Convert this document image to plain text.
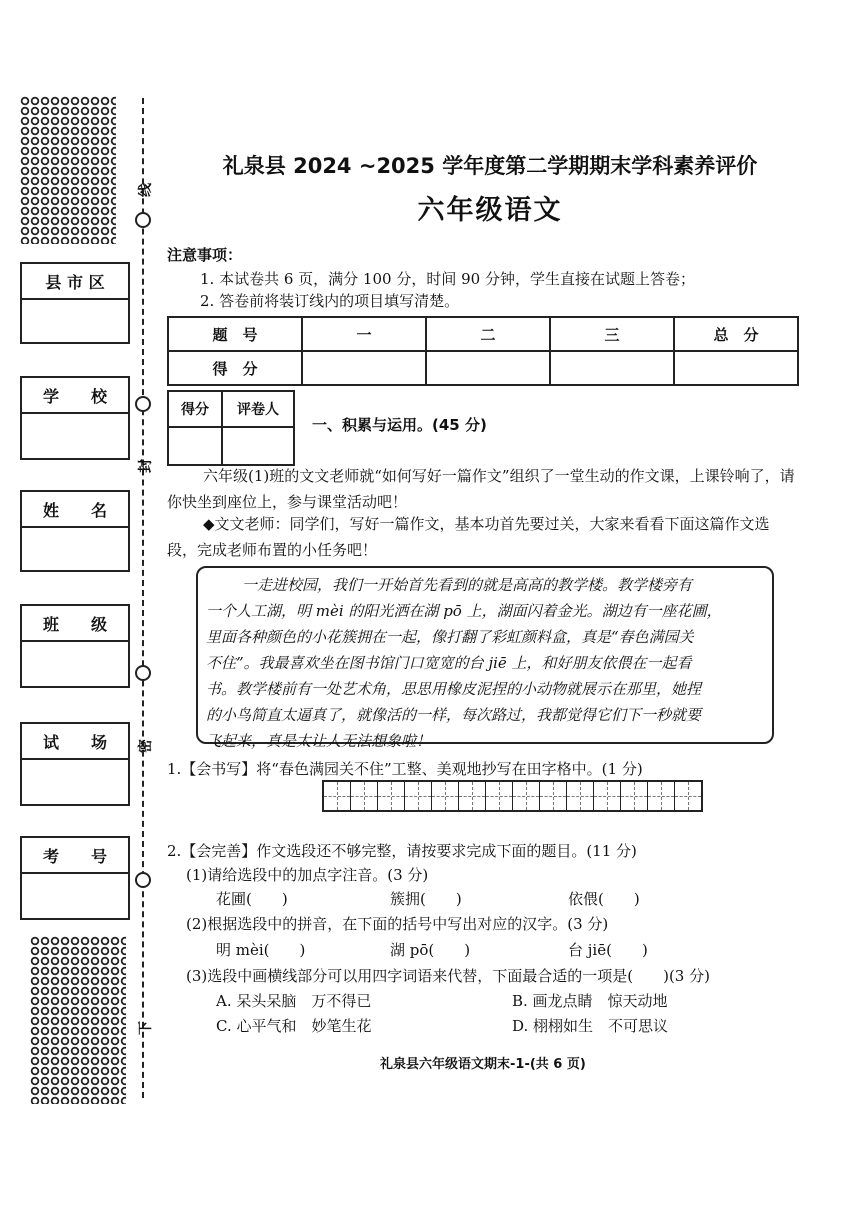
县 市 区
学　　校
姓　　名
班　　级
试　　场
考　　号
线
封
密
下
礼泉县 2024 ~2025 学年度第二学期期末学科素养评价
六年级语文
注意事项：
1. 本试卷共 6 页，满分 100 分，时间 90 分钟，学生直接在试题上答卷；
2. 答卷前将装订线内的项目填写清楚。
题　号	一	二	三	总　分
得　分				
得分	评卷人

一、积累与运用。(45 分)
六年级(1)班的文文老师就“如何写好一篇作文”组织了一堂生动的作文课，上课铃响了，请你快坐到座位上，参与课堂活动吧！
◆文文老师：同学们，写好一篇作文，基本功首先要过关，大家来看看下面这篇作文选段，完成老师布置的小任务吧！
一走进校园，我们一开始首先看到的就是高高的教学楼。教学楼旁有
一个人工湖，明 mèi 的阳光洒在湖 pō 上，湖面闪着金光。湖边有一座花圃，
里面各种颜色的小花簇拥在一起，像打翻了彩虹颜料盒，真是“春色满园关
不住”。我最喜欢坐在图书馆门口宽宽的台 jiē 上，和好朋友依偎在一起看
书。教学楼前有一处艺术角，思思用橡皮泥捏的小动物就展示在那里，她捏
的小鸟简直太逼真了，就像活的一样，每次路过，我都觉得它们下一秒就要
飞起来，真是太让人无法想象啦！
1.【会书写】将“春色满园关不住”工整、美观地抄写在田字格中。(1 分)
2.【会完善】作文选段还不够完整，请按要求完成下面的题目。(11 分)
(1)请给选段中的加点字注音。(3 分)
花圃(　　)	簇拥(　　)	依偎(　　)
(2)根据选段中的拼音，在下面的括号中写出对应的汉字。(3 分)
明 mèi(　　)	湖 pō(　　)	台 jiē(　　)
(3)选段中画横线部分可以用四字词语来代替，下面最合适的一项是(　　)(3 分)
A. 呆头呆脑　万不得已	B. 画龙点睛　惊天动地
C. 心平气和　妙笔生花	D. 栩栩如生　不可思议
礼泉县六年级语文期末-1-(共 6 页)
